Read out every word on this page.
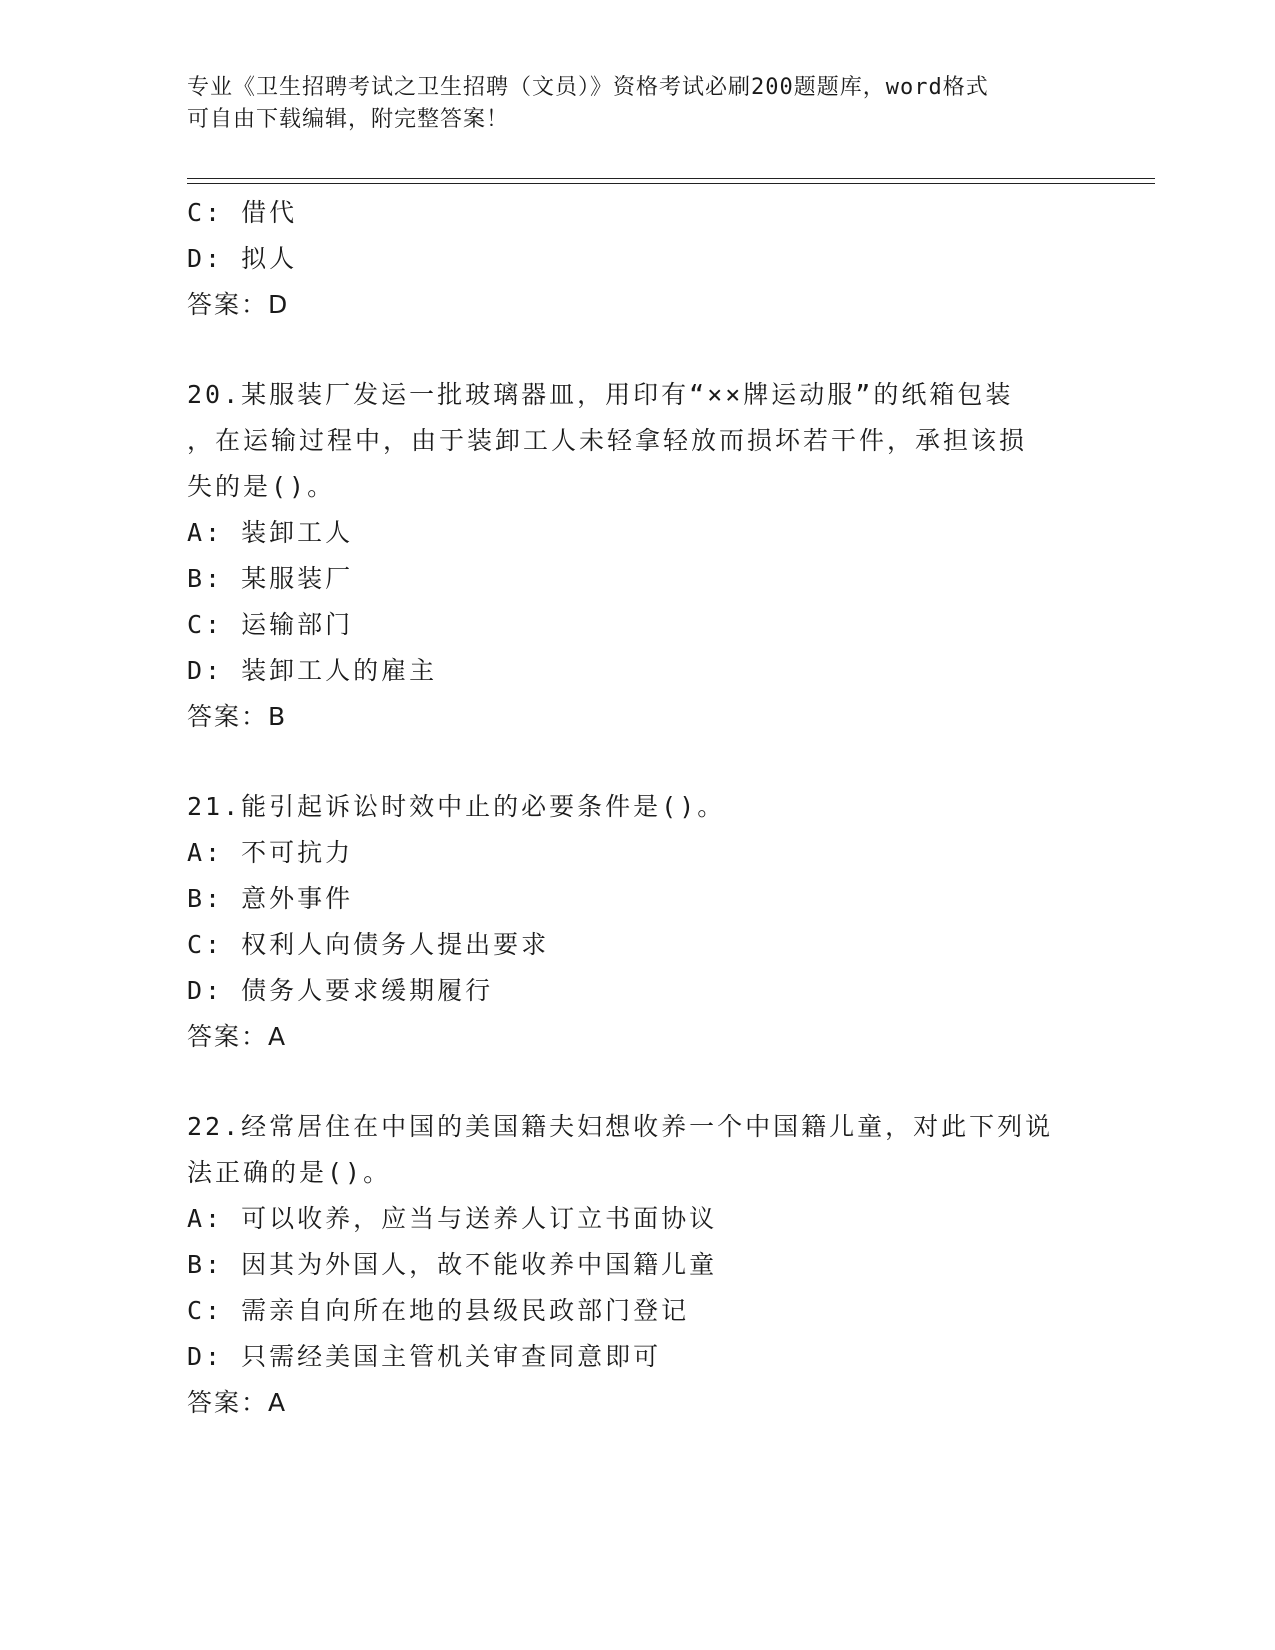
专业《卫生招聘考试之卫生招聘（文员）》资格考试必刷200题题库，word格式
可自由下载编辑，附完整答案！
C: 借代
D: 拟人
答案：D
20.某服装厂发运一批玻璃器皿，用印有“××牌运动服”的纸箱包装
，在运输过程中，由于装卸工人未轻拿轻放而损坏若干件，承担该损
失的是()。
A: 装卸工人
B: 某服装厂
C: 运输部门
D: 装卸工人的雇主
答案：B
21.能引起诉讼时效中止的必要条件是()。
A: 不可抗力
B: 意外事件
C: 权利人向债务人提出要求
D: 债务人要求缓期履行
答案：A
22.经常居住在中国的美国籍夫妇想收养一个中国籍儿童，对此下列说
法正确的是()。
A: 可以收养，应当与送养人订立书面协议
B: 因其为外国人，故不能收养中国籍儿童
C: 需亲自向所在地的县级民政部门登记
D: 只需经美国主管机关审查同意即可
答案：A
